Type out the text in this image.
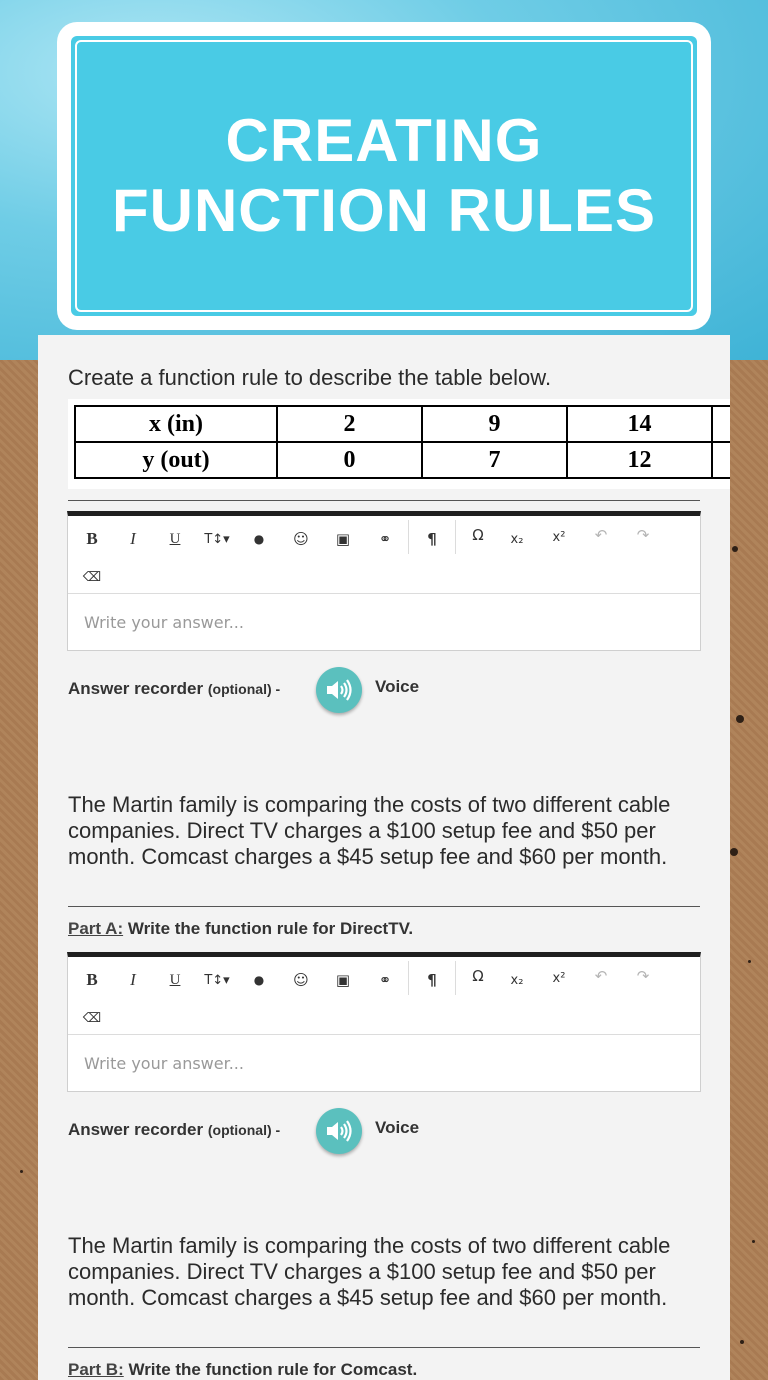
CREATING FUNCTION RULES

Create a function rule to describe the table below.

x (in)	2	9	14	
y (out)	0	7	12	
B	I	U	T↕▾	●	☺	▣	⚭	¶	Ω	x₂	x²	↶	↷
⌫
Write your answer...
Answer recorder (optional) -	Voice

The Martin family is comparing the costs of two different cable companies. Direct TV charges a $100 setup fee and $50 per month. Comcast charges a $45 setup fee and $60 per month.

Part A: Write the function rule for DirectTV.

B	I	U	T↕▾	●	☺	▣	⚭	¶	Ω	x₂	x²	↶	↷
⌫
Write your answer...
Answer recorder (optional) -	Voice

The Martin family is comparing the costs of two different cable companies. Direct TV charges a $100 setup fee and $50 per month. Comcast charges a $45 setup fee and $60 per month.

Part B: Write the function rule for Comcast.
